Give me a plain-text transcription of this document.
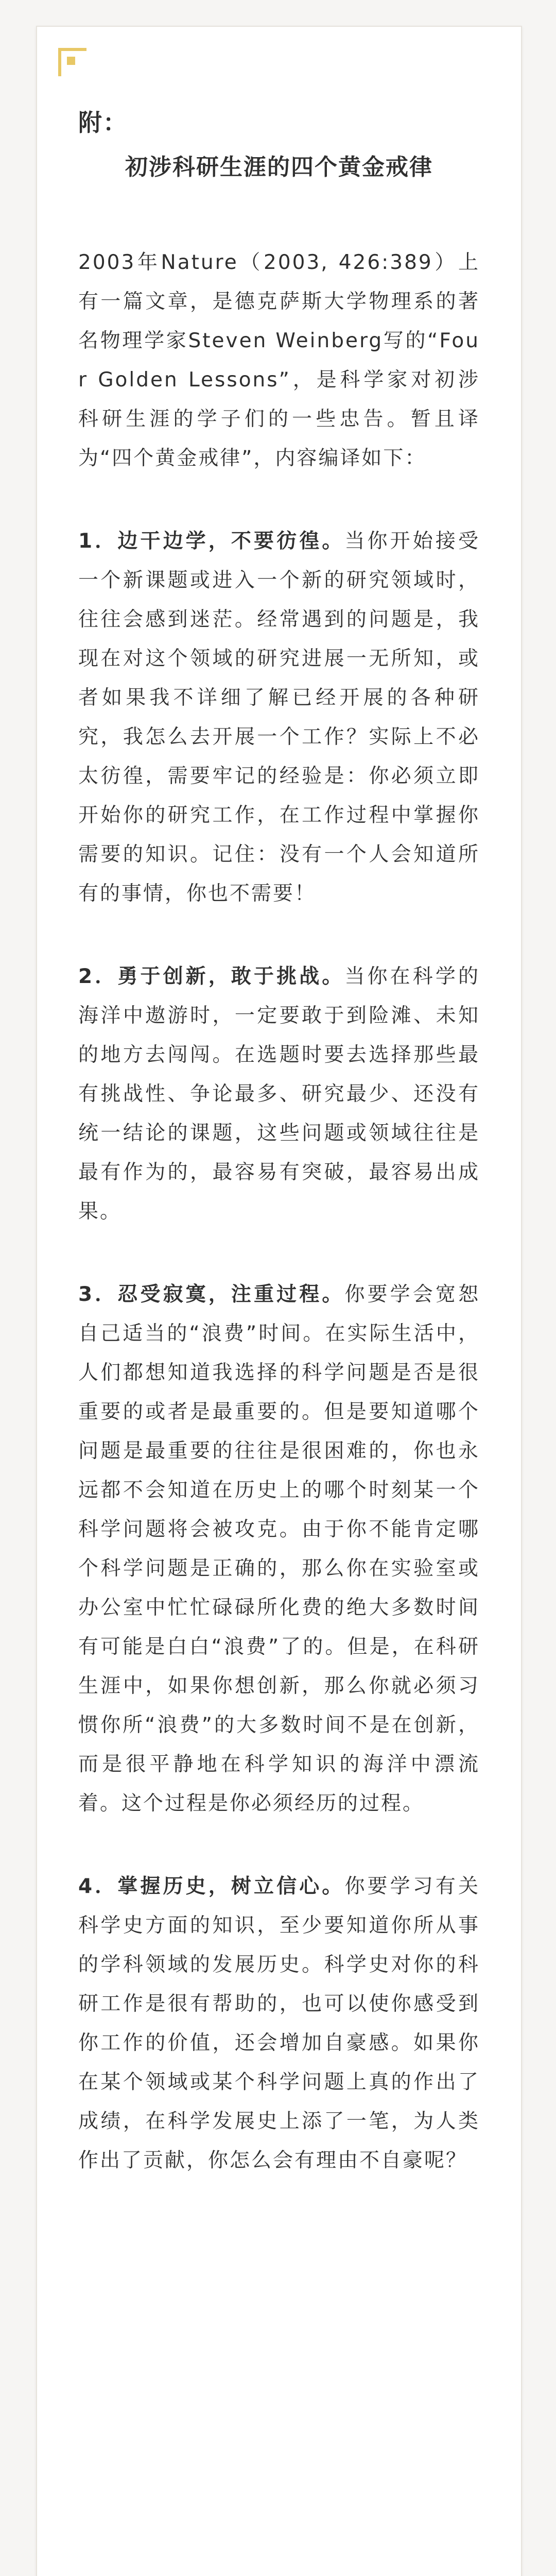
附：

初涉科研生涯的四个黄金戒律

2003年Nature（2003, 426:389）上有一篇文章，是德克萨斯大学物理系的著名物理学家Steven Weinberg写的“Four Golden Lessons”，是科学家对初涉科研生涯的学子们的一些忠告。暂且译为“四个黄金戒律”，内容编译如下：

1．边干边学，不要彷徨。当你开始接受一个新课题或进入一个新的研究领域时，往往会感到迷茫。经常遇到的问题是，我现在对这个领域的研究进展一无所知，或者如果我不详细了解已经开展的各种研究，我怎么去开展一个工作？实际上不必太彷徨，需要牢记的经验是：你必须立即开始你的研究工作，在工作过程中掌握你需要的知识。记住：没有一个人会知道所有的事情，你也不需要！

2．勇于创新，敢于挑战。当你在科学的海洋中遨游时，一定要敢于到险滩、未知的地方去闯闯。在选题时要去选择那些最有挑战性、争论最多、研究最少、还没有统一结论的课题，这些问题或领域往往是最有作为的，最容易有突破，最容易出成果。

3．忍受寂寞，注重过程。你要学会宽恕自己适当的“浪费”时间。在实际生活中，人们都想知道我选择的科学问题是否是很重要的或者是最重要的。但是要知道哪个问题是最重要的往往是很困难的，你也永远都不会知道在历史上的哪个时刻某一个科学问题将会被攻克。由于你不能肯定哪个科学问题是正确的，那么你在实验室或办公室中忙忙碌碌所化费的绝大多数时间有可能是白白“浪费”了的。但是，在科研生涯中，如果你想创新，那么你就必须习惯你所“浪费”的大多数时间不是在创新，而是很平静地在科学知识的海洋中漂流着。这个过程是你必须经历的过程。

4．掌握历史，树立信心。你要学习有关科学史方面的知识，至少要知道你所从事的学科领域的发展历史。科学史对你的科研工作是很有帮助的，也可以使你感受到你工作的价值，还会增加自豪感。如果你在某个领域或某个科学问题上真的作出了成绩，在科学发展史上添了一笔，为人类作出了贡献，你怎么会有理由不自豪呢？
